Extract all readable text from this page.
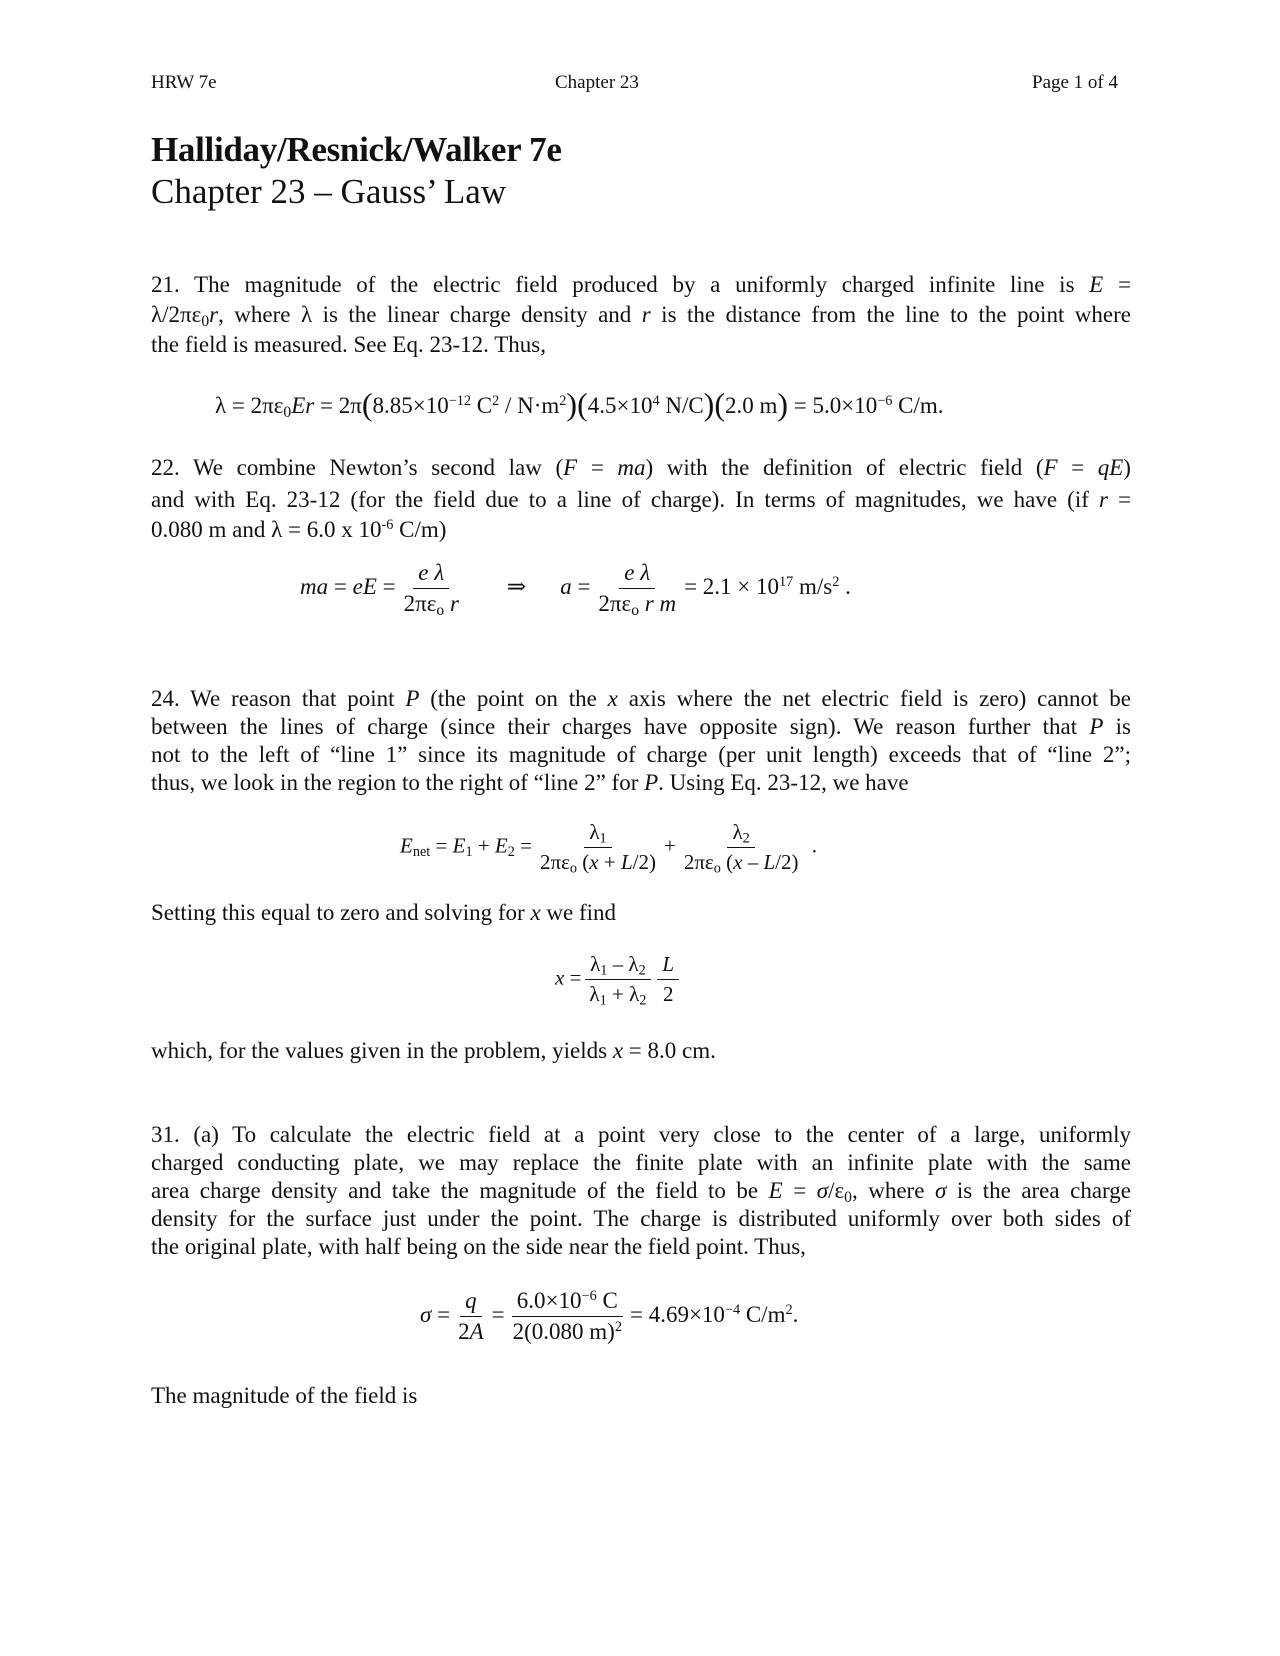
HRW 7e	Chapter 23	Page 1 of 4
Halliday/Resnick/Walker 7e
Chapter 23 – Gauss’ Law
21. The magnitude of the electric field produced by a uniformly charged infinite line is E =
$\lambda/2\pi\varepsilon_0r$, where λ is the linear charge density and r is the distance from the line to the point where
the field is measured. See Eq. 23-12. Thus,
$\lambda = 2\pi\varepsilon_0Er = 2\pi(8.85\times 10^{-12}$ $C^2 / N\cdot m^2)(4.5\times 10^4$ N/C)(2.0 $m) = 5.0\times 10^{-6}$ C/m.
22. We combine Newton’s second law (F = ma) with the definition of electric field (F = qE)
and with Eq. 23-12 (for the field due to a line of charge). In terms of magnitudes, we have (if r =
0.080 m and λ = 6.0 x $10^{-6}$ C/m)
ma = eE = $\frac{\text{e λ}}{2\pi\varepsilon_o r}$ ⇒ $a = \frac{\text{e λ}}{2\pi\varepsilon_o r m} = 2.1 \times 10^{17}$ $m/s^2$ .
24. We reason that point P (the point on the x axis where the net electric field is zero) cannot be
between the lines of charge (since their charges have opposite sign). We reason further that P is
not to the left of “line 1” since its magnitude of charge (per unit length) exceeds that of “line 2”;
thus, we look in the region to the right of “line 2” for P. Using Eq. 23-12, we have
$E_{net} = E_1 + E_2 = \frac{\lambda_1}{2\pi\varepsilon_o (x + L/2)} + \frac{\lambda_2}{2\pi\varepsilon_o (x - L/2)}$ .
Setting this equal to zero and solving for x we find
$x = \frac{\lambda_1 - \lambda_2}{\lambda_1 + \lambda_2} \frac{L}{2}$
which, for the values given in the problem, yields x = 8.0 cm.
31. (a) To calculate the electric field at a point very close to the center of a large, uniformly
charged conducting plate, we may replace the finite plate with an infinite plate with the same
area charge density and take the magnitude of the field to be $E = \sigma/\varepsilon_0$, where σ is the area charge
density for the surface just under the point. The charge is distributed uniformly over both sides of
the original plate, with half being on the side near the field point. Thus,
$\sigma = \frac{q}{2A} = \frac{6.0\times 10^{-6} C}{2(0.080 m)^2} = 4.69\times 10^{-4}$ $C/m^2$.
The magnitude of the field is
